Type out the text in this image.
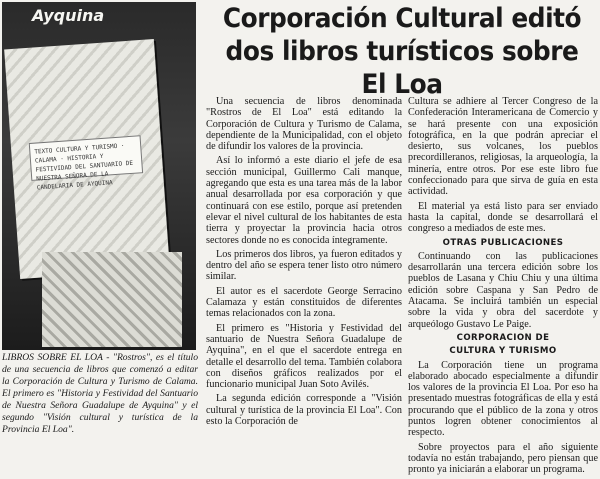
Ayquina
TEXTO CULTURA Y TURISMO · CALAMA · HISTORIA Y FESTIVIDAD DEL SANTUARIO DE NUESTRA SEÑORA DE LA CANDELARIA DE AYQUINA
LIBROS SOBRE EL LOA - "Rostros", es el título de una secuencia de libros que comenzó a editar la Corporación de Cultura y Turismo de Calama. El primero es "Historia y Festividad del Santuario de Nuestra Señora Guadalupe de Ayquina" y el segundo "Visión cultural y turística de la Provincia El Loa".
Corporación Cultural editó dos libros turísticos sobre El Loa

Una secuencia de libros denominada "Rostros de El Loa" está editando la Corporación de Cultura y Turismo de Calama, dependiente de la Municipalidad, con el objeto de difundir los valores de la provincia.

Así lo informó a este diario el jefe de esa sección municipal, Guillermo Cali manque, agregando que esta es una tarea más de la labor anual desarrollada por esa corporación y que continuará con ese estilo, porque así pretenden elevar el nivel cultural de los habitantes de esta tierra y proyectar la provincia hacia otros sectores donde no es conocida íntegramente.

Los primeros dos libros, ya fueron editados y dentro del año se espera tener listo otro número similar.

El autor es el sacerdote George Serracino Calamaza y están constituidos de diferentes temas relacionados con la zona.

El primero es "Historia y Festividad del santuario de Nuestra Señora Guadalupe de Ayquina", en el que el sacerdote entrega en detalle el desarrollo del tema. También colabora con diseños gráficos realizados por el funcionario municipal Juan Soto Avilés.

La segunda edición corresponde a "Visión cultural y turística de la provincia El Loa". Con esto la Corporación de

Cultura se adhiere al Tercer Congreso de la Confederación Interamericana de Comercio y se hará presente con una exposición fotográfica, en la que podrán apreciar el desierto, sus volcanes, los pueblos precordilleranos, religiosas, la arqueología, la minería, entre otros. Por ese este libro fue confeccionado para que sirva de guía en esta actividad.

El material ya está listo para ser enviado hasta la capital, donde se desarrollará el congreso a mediados de este mes.

OTRAS PUBLICACIONES

Continuando con las publicaciones desarrollarán una tercera edición sobre los pueblos de Lasana y Chiu Chiu y una última edición sobre Caspana y San Pedro de Atacama. Se incluirá también un especial sobre la vida y obra del sacerdote y arqueólogo Gustavo Le Paige.

CORPORACION DE
CULTURA Y TURISMO

La Corporación tiene un programa elaborado abocado especialmente a difundir los valores de la provincia El Loa. Por eso ha presentado muestras fotográficas de ella y está procurando que el público de la zona y otros puntos logren obtener conocimientos al respecto.

Sobre proyectos para el año siguiente todavía no están trabajando, pero piensan que pronto ya iniciarán a elaborar un programa.
